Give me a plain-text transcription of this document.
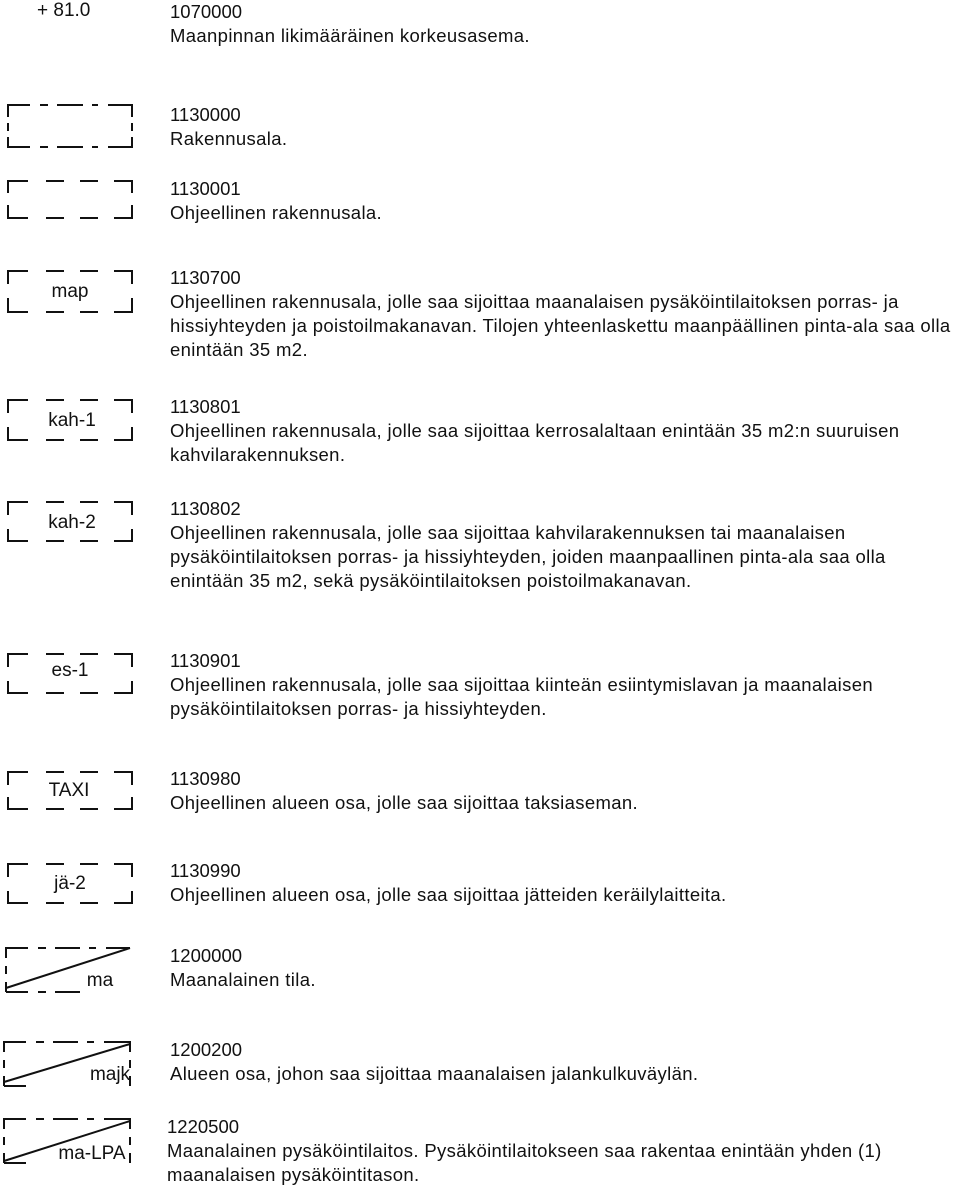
+ 81.0	1070000
Maanpinnan likimääräinen korkeusasema.
1130000
Rakennusala.
1130001
Ohjeellinen rakennusala.
map
1130700
Ohjeellinen rakennusala, jolle saa sijoittaa maanalaisen pysäköintilaitoksen porras- ja hissiyhteyden ja poistoilmakanavan. Tilojen yhteenlaskettu maanpäällinen pinta-ala saa olla enintään 35 m2.
kah-1
1130801
Ohjeellinen rakennusala, jolle saa sijoittaa kerrosalaltaan enintään 35 m2:n suuruisen kahvilarakennuksen.
kah-2
1130802
Ohjeellinen rakennusala, jolle saa sijoittaa kahvilarakennuksen tai maanalaisen pysäköintilaitoksen porras- ja hissiyhteyden, joiden maanpaallinen pinta-ala saa olla enintään 35 m2, sekä pysäköintilaitoksen poistoilmakanavan.
es-1	1130901
Ohjeellinen rakennusala, jolle saa sijoittaa kiinteän esiintymislavan ja maanalaisen pysäköintilaitoksen porras- ja hissiyhteyden.
TAXI
1130980
Ohjeellinen alueen osa, jolle saa sijoittaa taksiaseman.
jä-2
1130990
Ohjeellinen alueen osa, jolle saa sijoittaa jätteiden keräilylaitteita.
ma
1200000
Maanalainen tila.
majk
1200200
Alueen osa, johon saa sijoittaa maanalaisen jalankulkuväylän.
ma-LPA
1220500
Maanalainen pysäköintilaitos. Pysäköintilaitokseen saa rakentaa enintään yhden (1) maanalaisen pysäköintitason.
